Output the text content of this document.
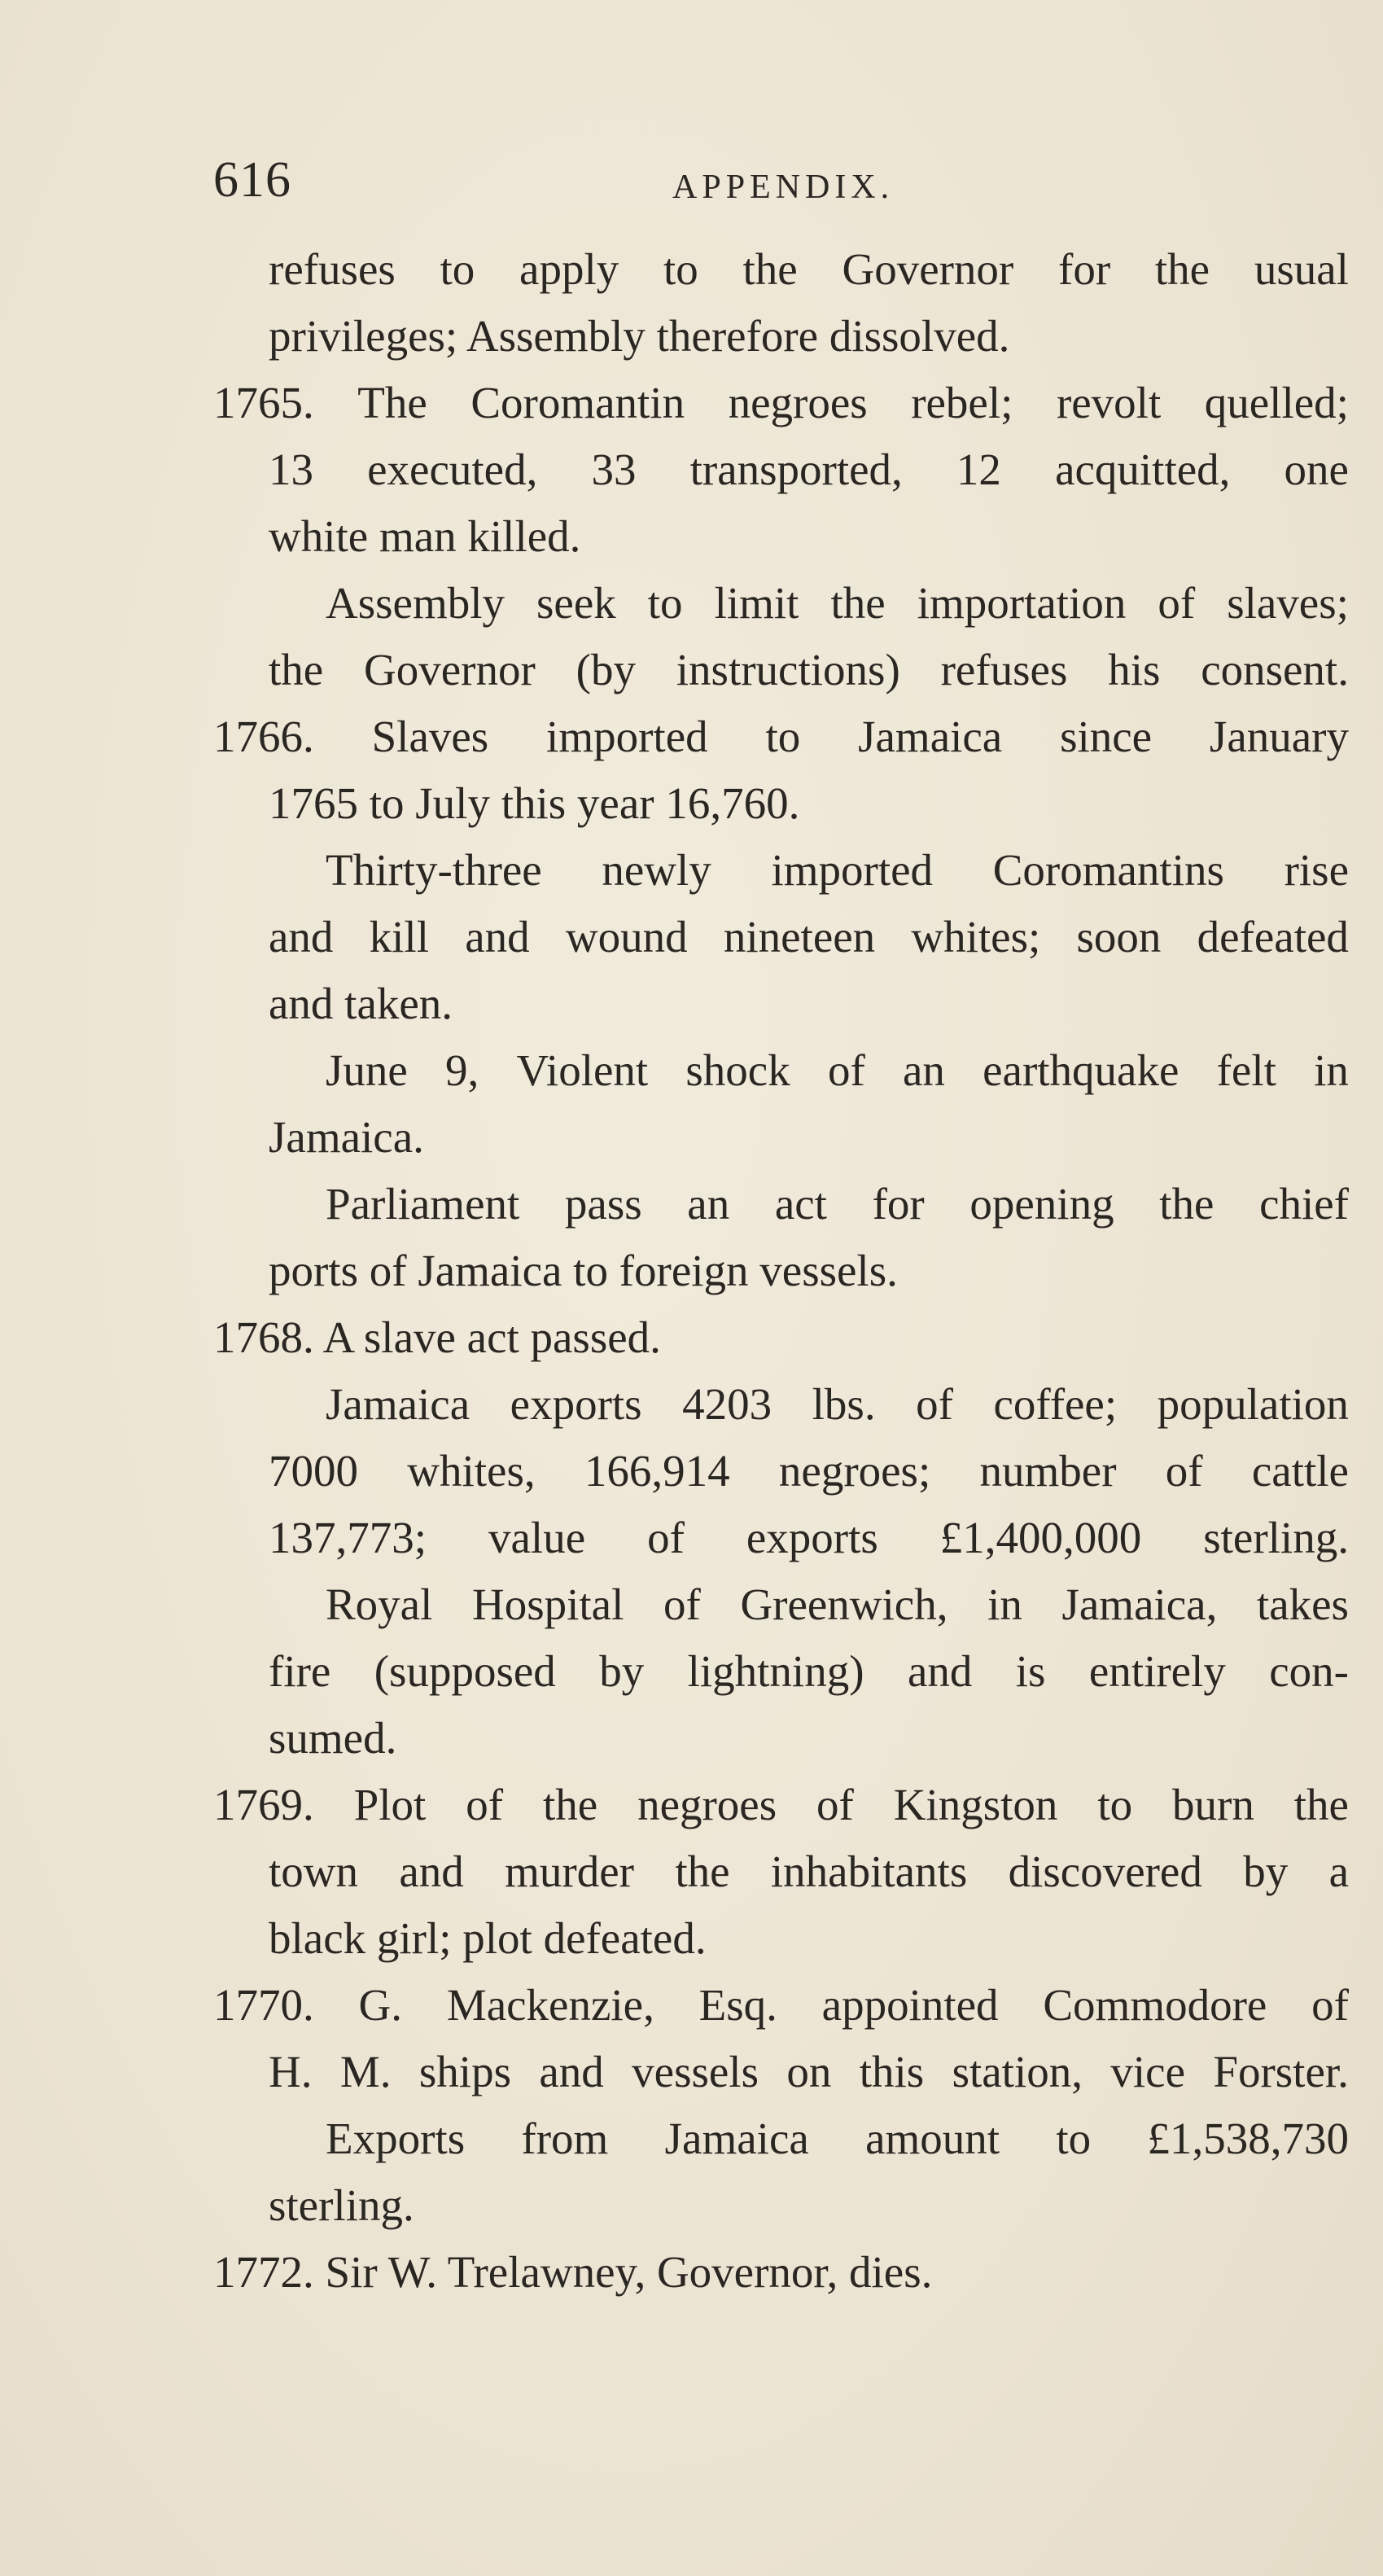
616	APPENDIX.
refuses to apply to the Governor for the usual
privileges; Assembly therefore dissolved.
1765. The Coromantin negroes rebel; revolt quelled;
13 executed, 33 transported, 12 acquitted, one
white man killed.
Assembly seek to limit the importation of slaves;
the Governor (by instructions) refuses his consent.
1766. Slaves imported to Jamaica since January
1765 to July this year 16,760.
Thirty-three newly imported Coromantins rise
and kill and wound nineteen whites; soon defeated
and taken.
June 9, Violent shock of an earthquake felt in
Jamaica.
Parliament pass an act for opening the chief
ports of Jamaica to foreign vessels.
1768. A slave act passed.
Jamaica exports 4203 lbs. of coffee; population
7000 whites, 166,914 negroes; number of cattle
137,773; value of exports £1,400,000 sterling.
Royal Hospital of Greenwich, in Jamaica, takes
fire (supposed by lightning) and is entirely con-
sumed.
1769. Plot of the negroes of Kingston to burn the
town and murder the inhabitants discovered by a
black girl; plot defeated.
1770. G. Mackenzie, Esq. appointed Commodore of
H. M. ships and vessels on this station, vice Forster.
Exports from Jamaica amount to £1,538,730
sterling.
1772. Sir W. Trelawney, Governor, dies.
